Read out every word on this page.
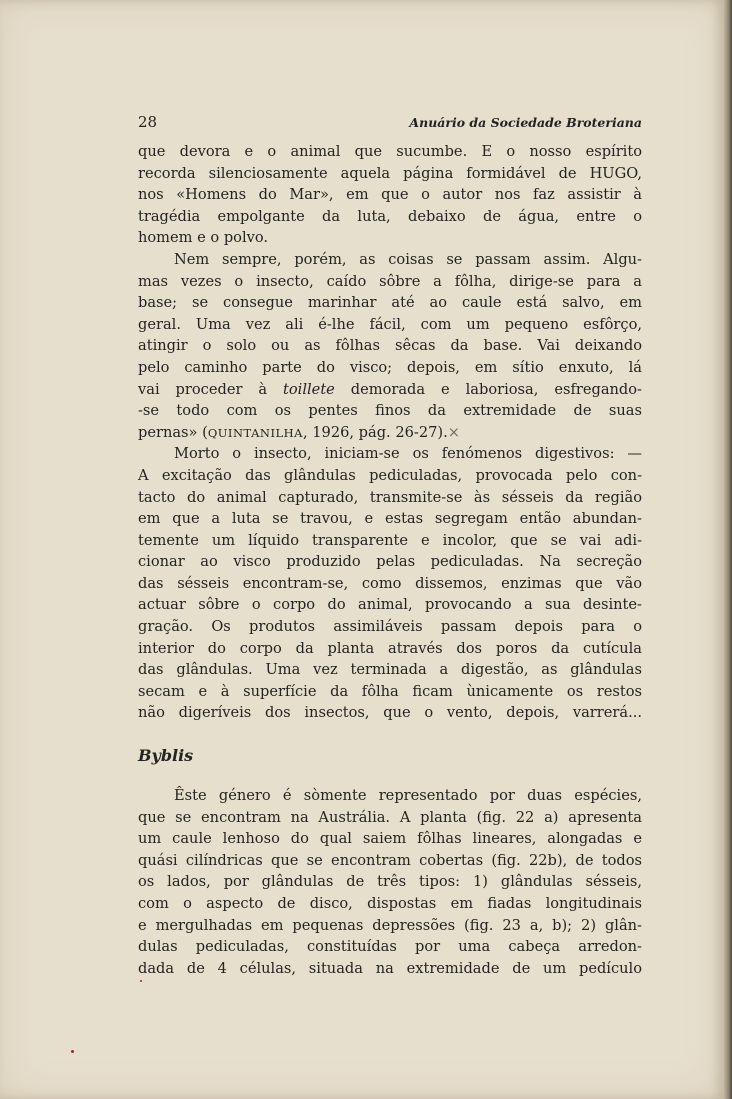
28	Anuário da Sociedade Broteriana
que devora e o animal que sucumbe. E o nosso espírito
recorda silenciosamente aquela página formidável de HUGO,
nos «Homens do Mar», em que o autor nos faz assistir à
tragédia empolgante da luta, debaixo de água, entre o
homem e o polvo.
Nem sempre, porém, as coisas se passam assim. Algu-
mas vezes o insecto, caído sôbre a fôlha, dirige-se para a
base; se consegue marinhar até ao caule está salvo, em
geral. Uma vez ali é-lhe fácil, com um pequeno esfôrço,
atingir o solo ou as fôlhas sêcas da base. Vai deixando
pelo caminho parte do visco; depois, em sítio enxuto, lá
vai proceder à toillete demorada e laboriosa, esfregando-
-se todo com os pentes finos da extremidade de suas
pernas» (QUINTANILHA, 1926, pág. 26-27).×
Morto o insecto, iniciam-se os fenómenos digestivos: —
A excitação das glândulas pediculadas, provocada pelo con-
tacto do animal capturado, transmite-se às sésseis da região
em que a luta se travou, e estas segregam então abundan-
temente um líquido transparente e incolor, que se vai adi-
cionar ao visco produzido pelas pediculadas. Na secreção
das sésseis encontram-se, como dissemos, enzimas que vão
actuar sôbre o corpo do animal, provocando a sua desinte-
gração. Os produtos assimiláveis passam depois para o
interior do corpo da planta através dos poros da cutícula
das glândulas. Uma vez terminada a digestão, as glândulas
secam e à superfície da fôlha ficam ùnicamente os restos
não digeríveis dos insectos, que o vento, depois, varrerá...
Byblis
Êste género é sòmente representado por duas espécies,
que se encontram na Austrália. A planta (fig. 22 a) apresenta
um caule lenhoso do qual saiem fôlhas lineares, alongadas e
quási cilíndricas que se encontram cobertas (fig. 22b), de todos
os lados, por glândulas de três tipos: 1) glândulas sésseis,
com o aspecto de disco, dispostas em fiadas longitudinais
e mergulhadas em pequenas depressões (fig. 23 a, b); 2) glân-
dulas pediculadas, constituídas por uma cabeça arredon-
dada de 4 células, situada na extremidade de um pedículo
